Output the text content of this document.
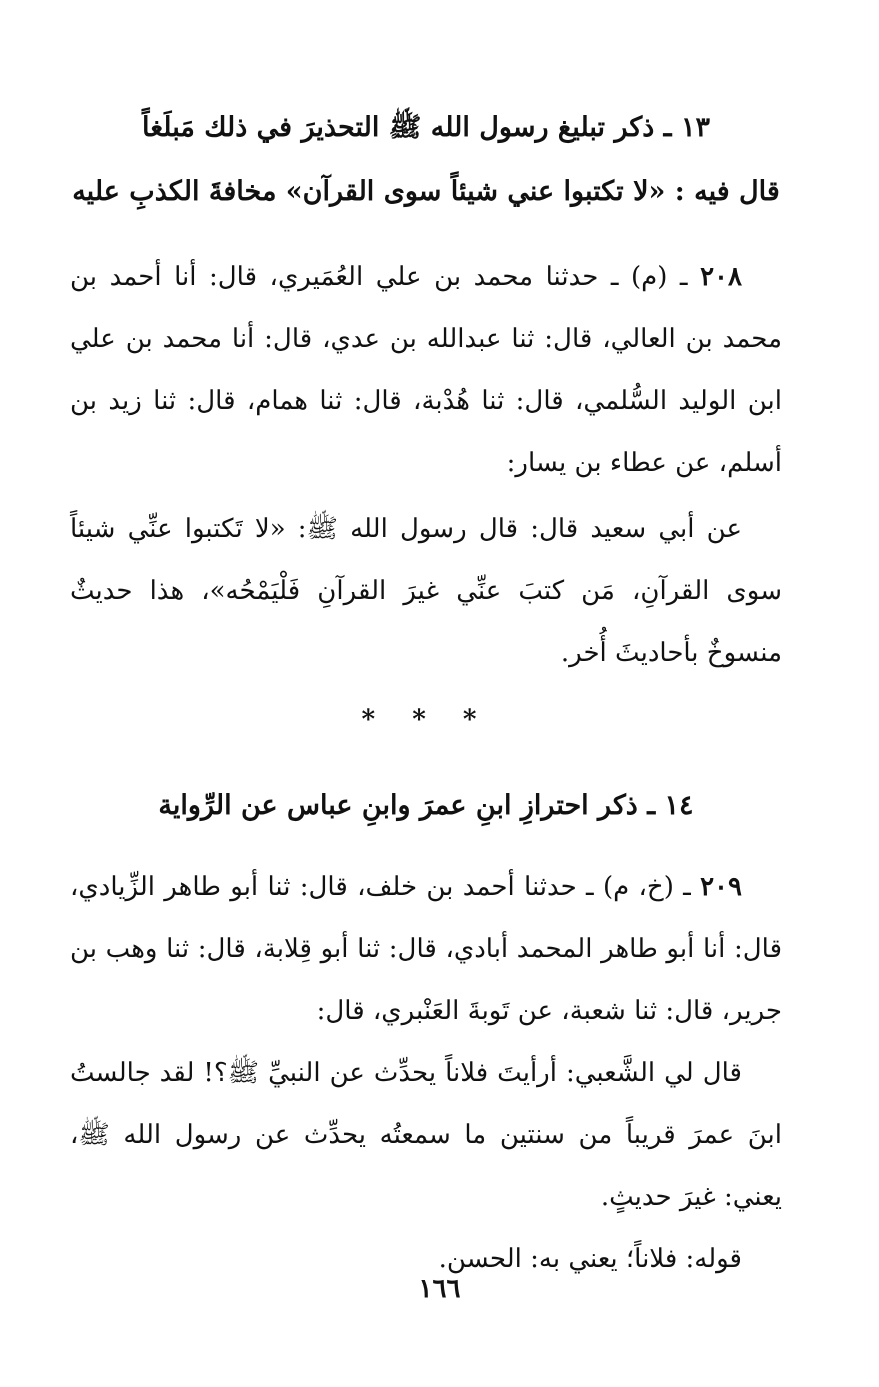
١٣ ـ ذكر تبليغ رسول الله ﷺ التحذيرَ في ذلك مَبلَغاً

قال فيه : «لا تكتبوا عني شيئاً سوى القرآن» مخافةَ الكذبِ عليه

٢٠٨ ـ (م) ـ حدثنا محمد بن علي العُمَيري، قال: أنا أحمد بن محمد بن العالي، قال: ثنا عبدالله بن عدي، قال: أنا محمد بن علي ابن الوليد السُّلمي، قال: ثنا هُدْبة، قال: ثنا همام، قال: ثنا زيد بن أسلم، عن عطاء بن يسار:

عن أبي سعيد قال: قال رسول الله ﷺ: «لا تَكتبوا عنِّي شيئاً سوى القرآنِ، مَن كتبَ عنِّي غيرَ القرآنِ فَلْيَمْحُه»، هذا حديثٌ منسوخٌ بأحاديثَ أُخر.

* * *

١٤ ـ ذكر احترازِ ابنِ عمرَ وابنِ عباس عن الرِّواية

٢٠٩ ـ (خ، م) ـ حدثنا أحمد بن خلف، قال: ثنا أبو طاهر الزِّيادي، قال: أنا أبو طاهر المحمد أبادي، قال: ثنا أبو قِلابة، قال: ثنا وهب بن جرير، قال: ثنا شعبة، عن تَوبةَ العَنْبري، قال:

قال لي الشَّعبي: أرأيتَ فلاناً يحدِّث عن النبيِّ ﷺ؟! لقد جالستُ ابنَ عمرَ قريباً من سنتين ما سمعتُه يحدِّث عن رسول الله ﷺ، يعني: غيرَ حديثٍ.

قوله: فلاناً؛ يعني به: الحسن.

١٦٦
